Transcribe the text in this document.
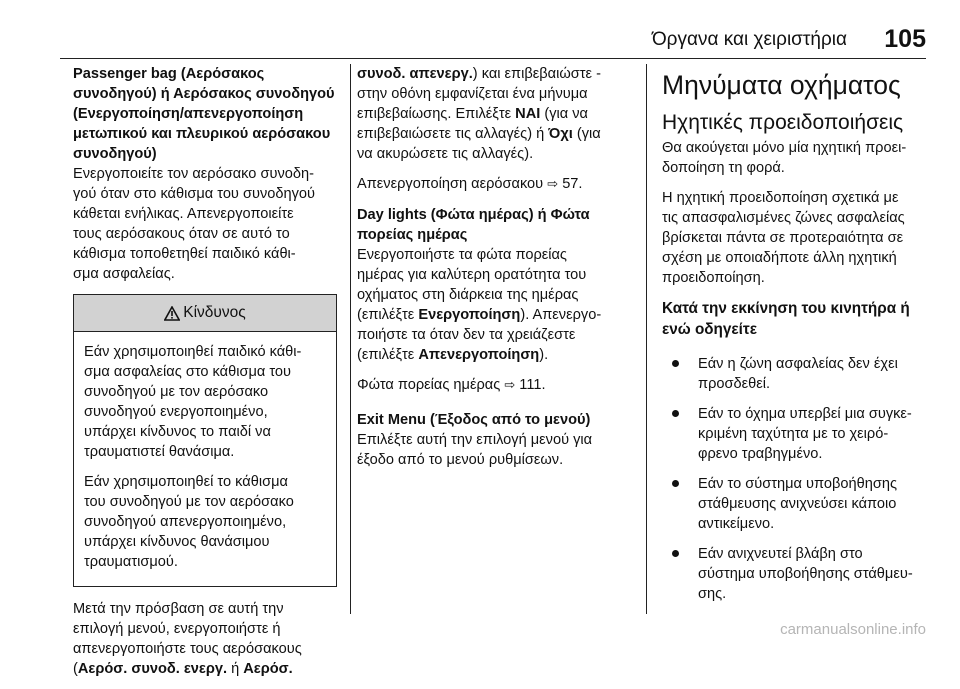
Όργανα και χειριστήρια 105
Passenger bag (Αερόσακος
συνοδηγού) ή Αερόσακος συνοδηγού
(Ενεργοποίηση/απενεργοποίηση
μετωπικού και πλευρικού αερόσακου
συνοδηγού)

Ενεργοποιείτε τον αερόσακο συνοδη-
γού όταν στο κάθισμα του συνοδηγού
κάθεται ενήλικας. Απενεργοποιείτε
τους αερόσακους όταν σε αυτό το
κάθισμα τοποθετηθεί παιδικό κάθι-
σμα ασφαλείας.

Κίνδυνος

Εάν χρησιμοποιηθεί παιδικό κάθι-
σμα ασφαλείας στο κάθισμα του
συνοδηγού με τον αερόσακο
συνοδηγού ενεργοποιημένο,
υπάρχει κίνδυνος το παιδί να
τραυματιστεί θανάσιμα.

Εάν χρησιμοποιηθεί το κάθισμα
του συνοδηγού με τον αερόσακο
συνοδηγού απενεργοποιημένο,
υπάρχει κίνδυνος θανάσιμου
τραυματισμού.

Μετά την πρόσβαση σε αυτή την
επιλογή μενού, ενεργοποιήστε ή
απενεργοποιήστε τους αερόσακους
(Αερόσ. συνοδ. ενεργ. ή Αερόσ.

συνοδ. απενεργ.) και επιβεβαιώστε -
στην οθόνη εμφανίζεται ένα μήνυμα
επιβεβαίωσης. Επιλέξτε ΝΑΙ (για να
επιβεβαιώσετε τις αλλαγές) ή Όχι (για
να ακυρώσετε τις αλλαγές).

Απενεργοποίηση αερόσακου ⇨ 57.

Day lights (Φώτα ημέρας) ή Φώτα
πορείας ημέρας

Ενεργοποιήστε τα φώτα πορείας
ημέρας για καλύτερη ορατότητα του
οχήματος στη διάρκεια της ημέρας
(επιλέξτε Ενεργοποίηση). Απενεργο-
ποιήστε τα όταν δεν τα χρειάζεστε
(επιλέξτε Απενεργοποίηση).

Φώτα πορείας ημέρας ⇨ 111.

Exit Menu (Έξοδος από το μενού)

Επιλέξτε αυτή την επιλογή μενού για
έξοδο από το μενού ρυθμίσεων.

Μηνύματα οχήματος
Ηχητικές προειδοποιήσεις

Θα ακούγεται μόνο μία ηχητική προει-
δοποίηση τη φορά.

Η ηχητική προειδοποίηση σχετικά με
τις απασφαλισμένες ζώνες ασφαλείας
βρίσκεται πάντα σε προτεραιότητα σε
σχέση με οποιαδήποτε άλλη ηχητική
προειδοποίηση.

Κατά την εκκίνηση του κινητήρα ή
ενώ οδηγείτε
Εάν η ζώνη ασφαλείας δεν έχει
προσδεθεί.
Εάν το όχημα υπερβεί μια συγκε-
κριμένη ταχύτητα με το χειρό-
φρενο τραβηγμένο.
Εάν το σύστημα υποβοήθησης
στάθμευσης ανιχνεύσει κάποιο
αντικείμενο.
Εάν ανιχνευτεί βλάβη στο
σύστημα υποβοήθησης στάθμευ-
σης.
carmanualsonline.info
